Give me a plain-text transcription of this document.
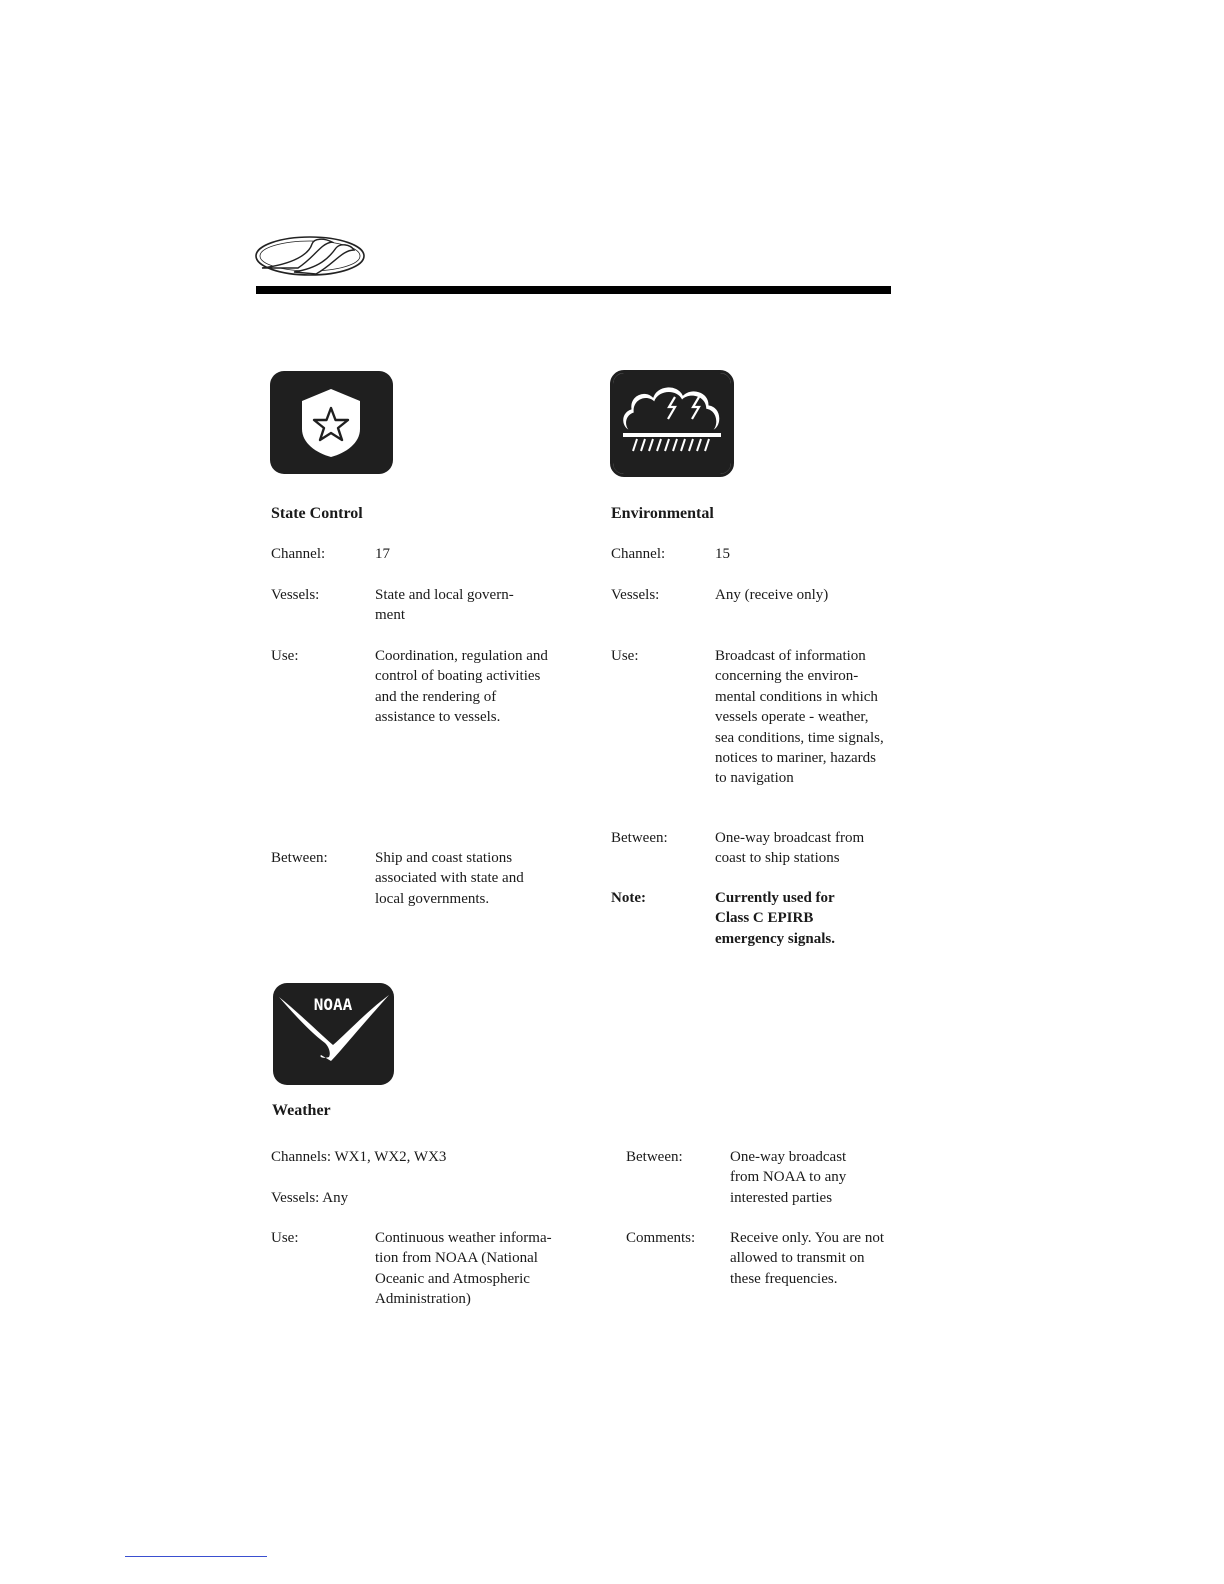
State Control
Channel:	17
Vessels:	State and local govern- ment
Use:	Coordination, regulation and control of boating activities and the rendering of assistance to vessels.
Between:	Ship and coast stations associated with state and local governments.
Environmental
Channel:	15
Vessels:	Any (receive only)
Use:	Broadcast of information concerning the environ- mental conditions in which vessels operate - weather, sea conditions, time signals, notices to mariner, hazards to navigation
Between:	One-way broadcast from coast to ship stations
Note:	Currently used for Class C EPIRB emergency signals.
NOAA
Weather
Channels: WX1, WX2, WX3
Vessels: Any
Use:	Continuous weather informa- tion from NOAA (National Oceanic and Atmospheric Administration)
Between:	One-way broadcast from NOAA to any interested parties
Comments: Receive only. You are not allowed to transmit on these frequencies.
